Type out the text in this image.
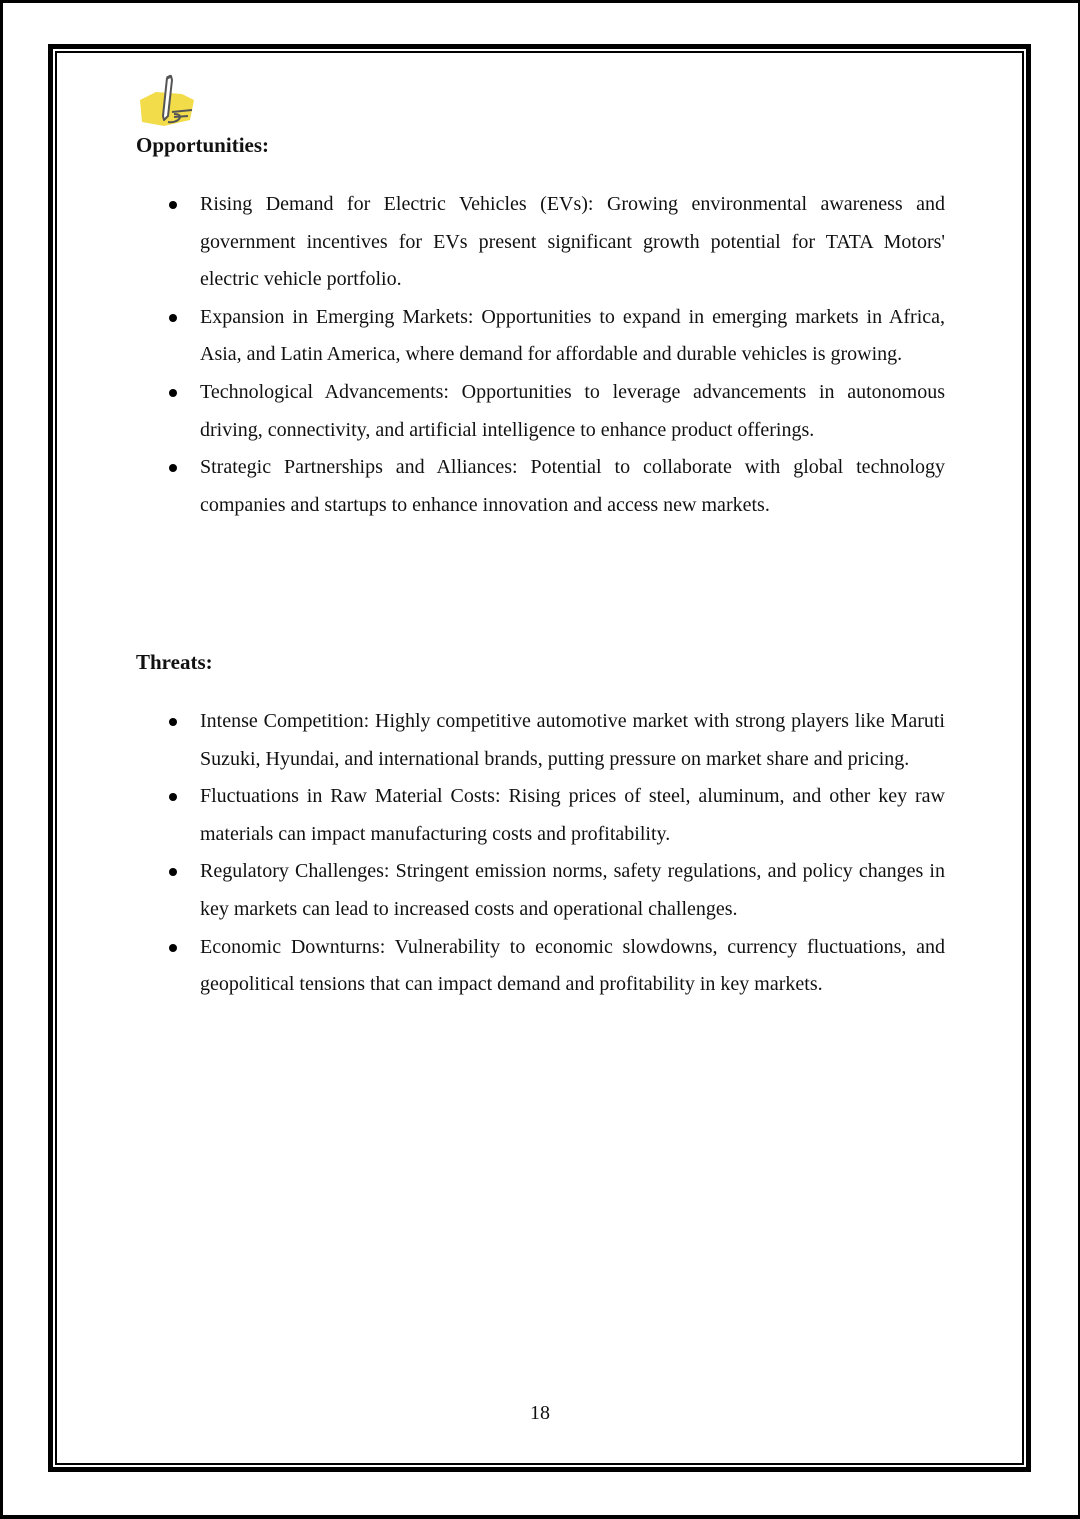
Opportunities:
Rising Demand for Electric Vehicles (EVs): Growing environmental awareness and government incentives for EVs present significant growth potential for TATA Motors' electric vehicle portfolio.
Expansion in Emerging Markets: Opportunities to expand in emerging markets in Africa, Asia, and Latin America, where demand for affordable and durable vehicles is growing.
Technological Advancements: Opportunities to leverage advancements in autonomous driving, connectivity, and artificial intelligence to enhance product offerings.
Strategic Partnerships and Alliances: Potential to collaborate with global technology companies and startups to enhance innovation and access new markets.
Threats:
Intense Competition: Highly competitive automotive market with strong players like Maruti Suzuki, Hyundai, and international brands, putting pressure on market share and pricing.
Fluctuations in Raw Material Costs: Rising prices of steel, aluminum, and other key raw materials can impact manufacturing costs and profitability.
Regulatory Challenges: Stringent emission norms, safety regulations, and policy changes in key markets can lead to increased costs and operational challenges.
Economic Downturns: Vulnerability to economic slowdowns, currency fluctuations, and geopolitical tensions that can impact demand and profitability in key markets.
18
